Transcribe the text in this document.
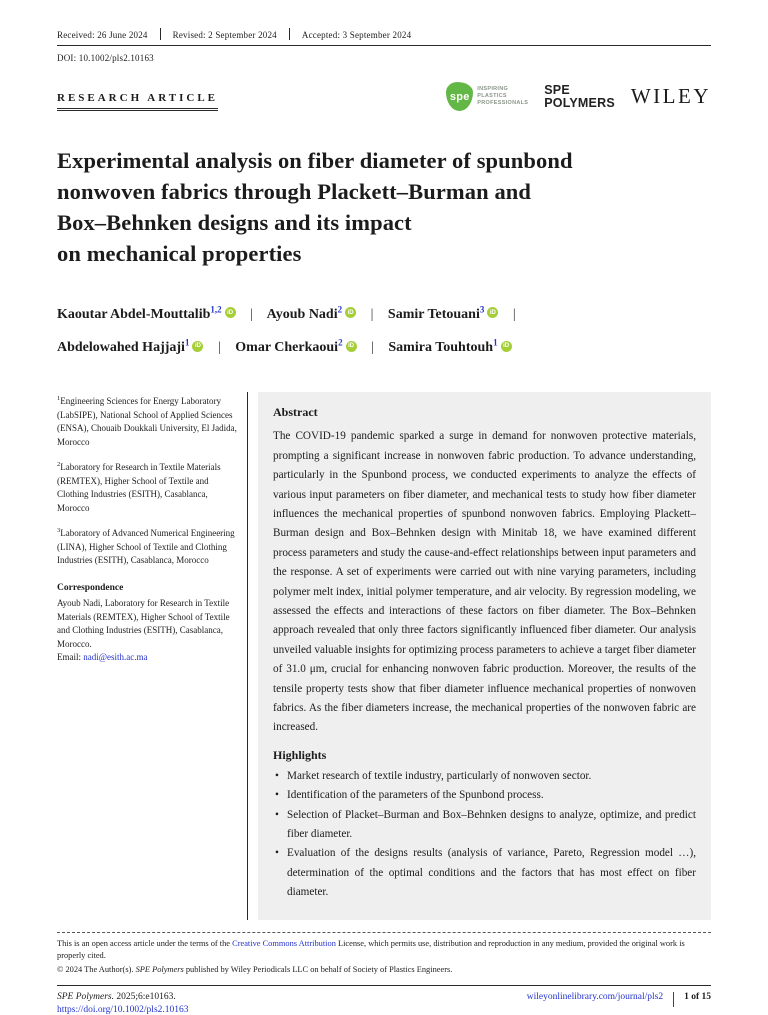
Received: 26 June 2024	Revised: 2 September 2024	Accepted: 3 September 2024
DOI: 10.1002/pls2.10163
RESEARCH ARTICLE	spe
INSPIRING
PLASTICS
PROFESSIONALS
SPE
POLYMERS WILEY
Experimental analysis on fiber diameter of spunbond
nonwoven fabrics through Plackett–Burman and
Box–Behnken designs and its impact
on mechanical properties
Kaoutar Abdel-Mouttalib$^{1,2}$ iD | Ayoub Nadi$^2$ iD | Samir Tetouani$^3$ iD |
Abdelowahed Hajjaji$^1$ iD | Omar Cherkaoui$^2$ iD | Samira Touhtouh$^1$ iD

$^1$Engineering Sciences for Energy Laboratory (LabSIPE), National School of Applied Sciences (ENSA), Chouaib Doukkali University, El Jadida, Morocco

$^2$Laboratory for Research in Textile Materials (REMTEX), Higher School of Textile and Clothing Industries (ESITH), Casablanca, Morocco

$^3$Laboratory of Advanced Numerical Engineering (LINA), Higher School of Textile and Clothing Industries (ESITH), Casablanca, Morocco

Correspondence

Ayoub Nadi, Laboratory for Research in Textile Materials (REMTEX), Higher School of Textile and Clothing Industries (ESITH), Casablanca, Morocco.

Email: nadi@esith.ac.ma

Abstract

The COVID-19 pandemic sparked a surge in demand for nonwoven protective materials, prompting a significant increase in nonwoven fabric production. To advance understanding, particularly in the Spunbond process, we conducted experiments to analyze the effects of various input parameters on fiber diameter, and mechanical tests to study how fiber diameter influences the mechanical properties of spunbond nonwoven fabrics. Employing Plackett–Burman design and Box–Behnken design with Minitab 18, we have examined different process parameters and study the cause-and-effect relationships between input parameters and the response. A set of experiments were carried out with nine varying parameters, including polymer melt index, initial polymer temperature, and air velocity. By regression modeling, we assessed the effects and interactions of these factors on fiber diameter. The Box–Behnken approach revealed that only three factors significantly influenced fiber diameter. Our analysis unveiled valuable insights for optimizing process parameters to achieve a target fiber diameter of 31.0 μm, crucial for enhancing nonwoven fabric production. Moreover, the results of the tensile property tests show that fiber diameter influence mechanical properties of nonwoven fabrics. As the fiber diameters increase, the mechanical properties of the nonwoven fabric are increased.

Highlights
• Market research of textile industry, particularly of nonwoven sector.
• Identification of the parameters of the Spunbond process.
• Selection of Placket–Burman and Box–Behnken designs to analyze, optimize, and predict fiber diameter.
• Evaluation of the designs results (analysis of variance, Pareto, Regression model …), determination of the optimal conditions and the factors that has most effect on fiber diameter.

This is an open access article under the terms of the Creative Commons Attribution License, which permits use, distribution and reproduction in any medium, provided the original work is properly cited.

© 2024 The Author(s). SPE Polymers published by Wiley Periodicals LLC on behalf of Society of Plastics Engineers.

SPE Polymers. 2025;6:e10163.
https://doi.org/10.1002/pls2.10163
wileyonlinelibrary.com/journal/pls2 1 of 15
